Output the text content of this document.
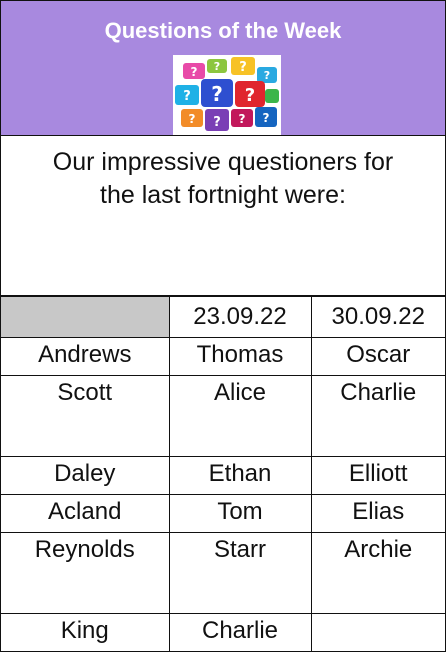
Questions of the Week
? ? ?
?
? ? ?
? ? ? ?
Our impressive questioners for
the last fortnight were:
	23.09.22	30.09.22
Andrews	Thomas	Oscar
Scott	Alice	Charlie
Daley	Ethan	Elliott
Acland	Tom	Elias
Reynolds	Starr	Archie
King	Charlie	
